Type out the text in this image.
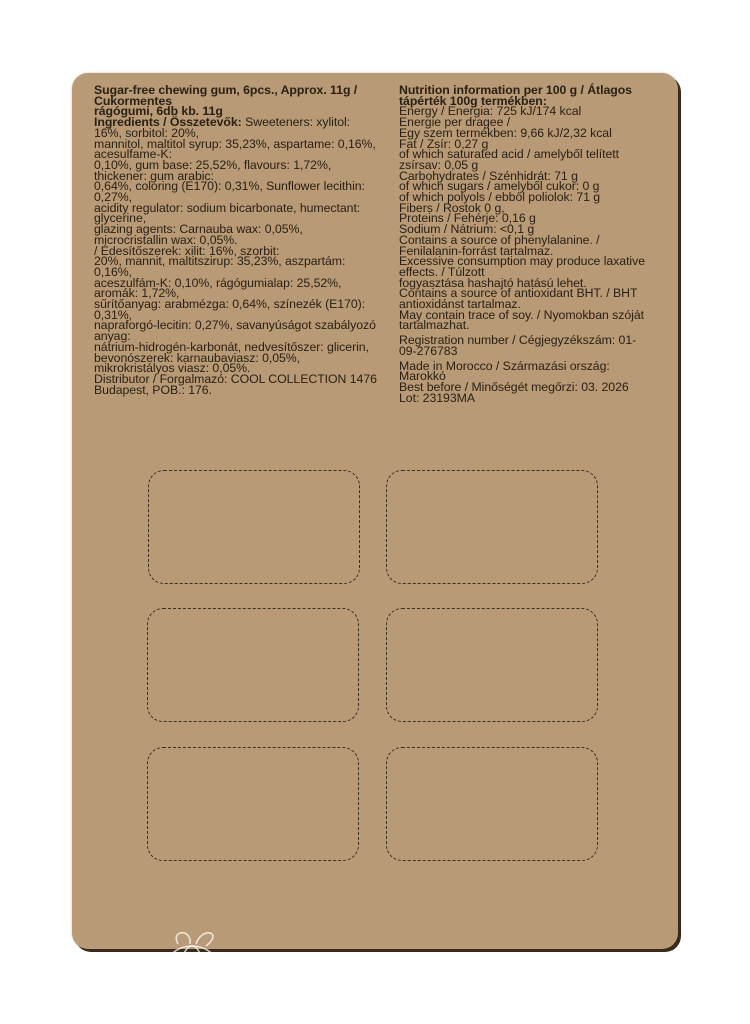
Sugar-free chewing gum, 6pcs., Approx. 11g /
Cukormentes
rágógumi, 6db kb. 11g
Ingredients / Összetevők: Sweeteners: xylitol:
16%, sorbitol: 20%,
mannitol, maltitol syrup: 35,23%, aspartame: 0,16%,
acesulfame-K:
0,10%, gum base: 25,52%, flavours: 1,72%,
thickener: gum arabic:
0,64%, coloring (E170): 0,31%, Sunflower lecithin:
0,27%,
acidity regulator: sodium bicarbonate, humectant:
glycerine,
glazing agents: Carnauba wax: 0,05%,
microcristallin wax: 0,05%.
/ Édesítőszerek: xilit: 16%, szorbit:
20%, mannit, maltitszirup: 35,23%, aszpartám:
0,16%,
aceszulfám-K: 0,10%, rágógumialap: 25,52%,
aromák: 1,72%,
sűrítőanyag: arabmézga: 0,64%, színezék (E170):
0,31%,
napraforgó-lecitin: 0,27%, savanyúságot szabályozó
anyag:
nátrium-hidrogén-karbonát, nedvesítőszer: glicerin,
bevonószerek: karnaubaviasz: 0,05%,
mikrokristályos viasz: 0,05%.
Distributor / Forgalmazó: COOL COLLECTION 1476
Budapest, POB.: 176.
Nutrition information per 100 g / Átlagos
tápérték 100g termékben:
Energy / Energia: 725 kJ/174 kcal
Energie per dragee /
Egy szem termékben: 9,66 kJ/2,32 kcal
Fat / Zsír: 0,27 g
of which saturated acid / amelyből telített
zsírsav: 0,05 g
Carbohydrates / Szénhidrát: 71 g
of which sugars / amelyből cukor: 0 g
of which polyols / ebből poliolok: 71 g
Fibers / Rostok 0 g,
Proteins / Fehérje: 0,16 g
Sodium / Nátrium: <0,1 g
Contains a source of phenylalanine. /
Fenilalanin-forrást tartalmaz.
Excessive consumption may produce laxative
effects. / Túlzott
fogyasztása hashajtó hatású lehet.
Contains a source of antioxidant BHT. / BHT
antioxidánst tartalmaz.
May contain trace of soy. / Nyomokban szóját
tartalmazhat.
Registration number / Cégjegyzékszám: 01-
09-276783
Made in Morocco / Származási ország:
Marokkó
Best before / Minőségét megőrzi: 03. 2026
Lot: 23193MA
www.darcekyprefirmy.sk
